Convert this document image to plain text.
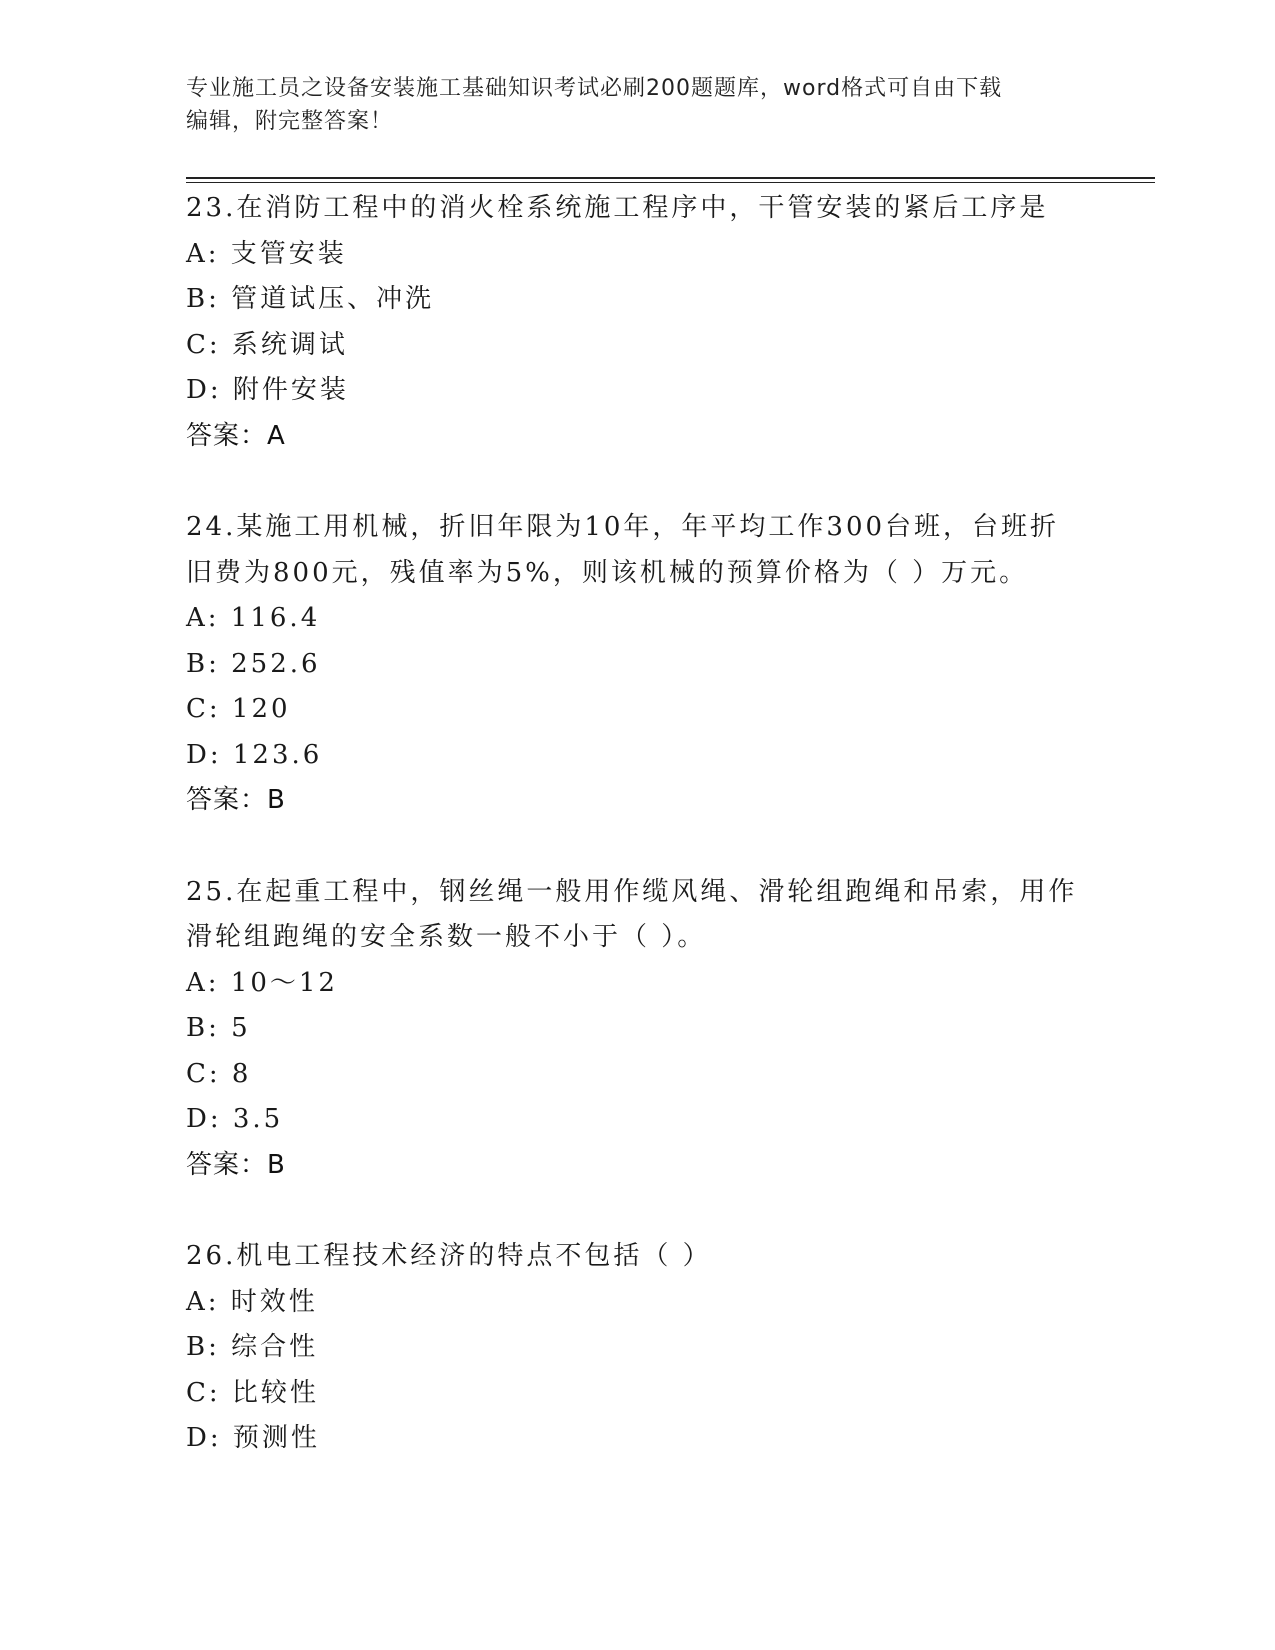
专业施工员之设备安装施工基础知识考试必刷200题题库，word格式可自由下载
编辑，附完整答案！
23.在消防工程中的消火栓系统施工程序中，干管安装的紧后工序是
A: 支管安装
B: 管道试压、冲洗
C: 系统调试
D: 附件安装
答案：A
24.某施工用机械，折旧年限为10年，年平均工作300台班，台班折
旧费为800元，残值率为5%，则该机械的预算价格为（ ）万元。
A: 116.4
B: 252.6
C: 120
D: 123.6
答案：B
25.在起重工程中，钢丝绳一般用作缆风绳、滑轮组跑绳和吊索，用作
滑轮组跑绳的安全系数一般不小于（ ）。
A: 10～12
B: 5
C: 8
D: 3.5
答案：B
26.机电工程技术经济的特点不包括（ ）
A: 时效性
B: 综合性
C: 比较性
D: 预测性
